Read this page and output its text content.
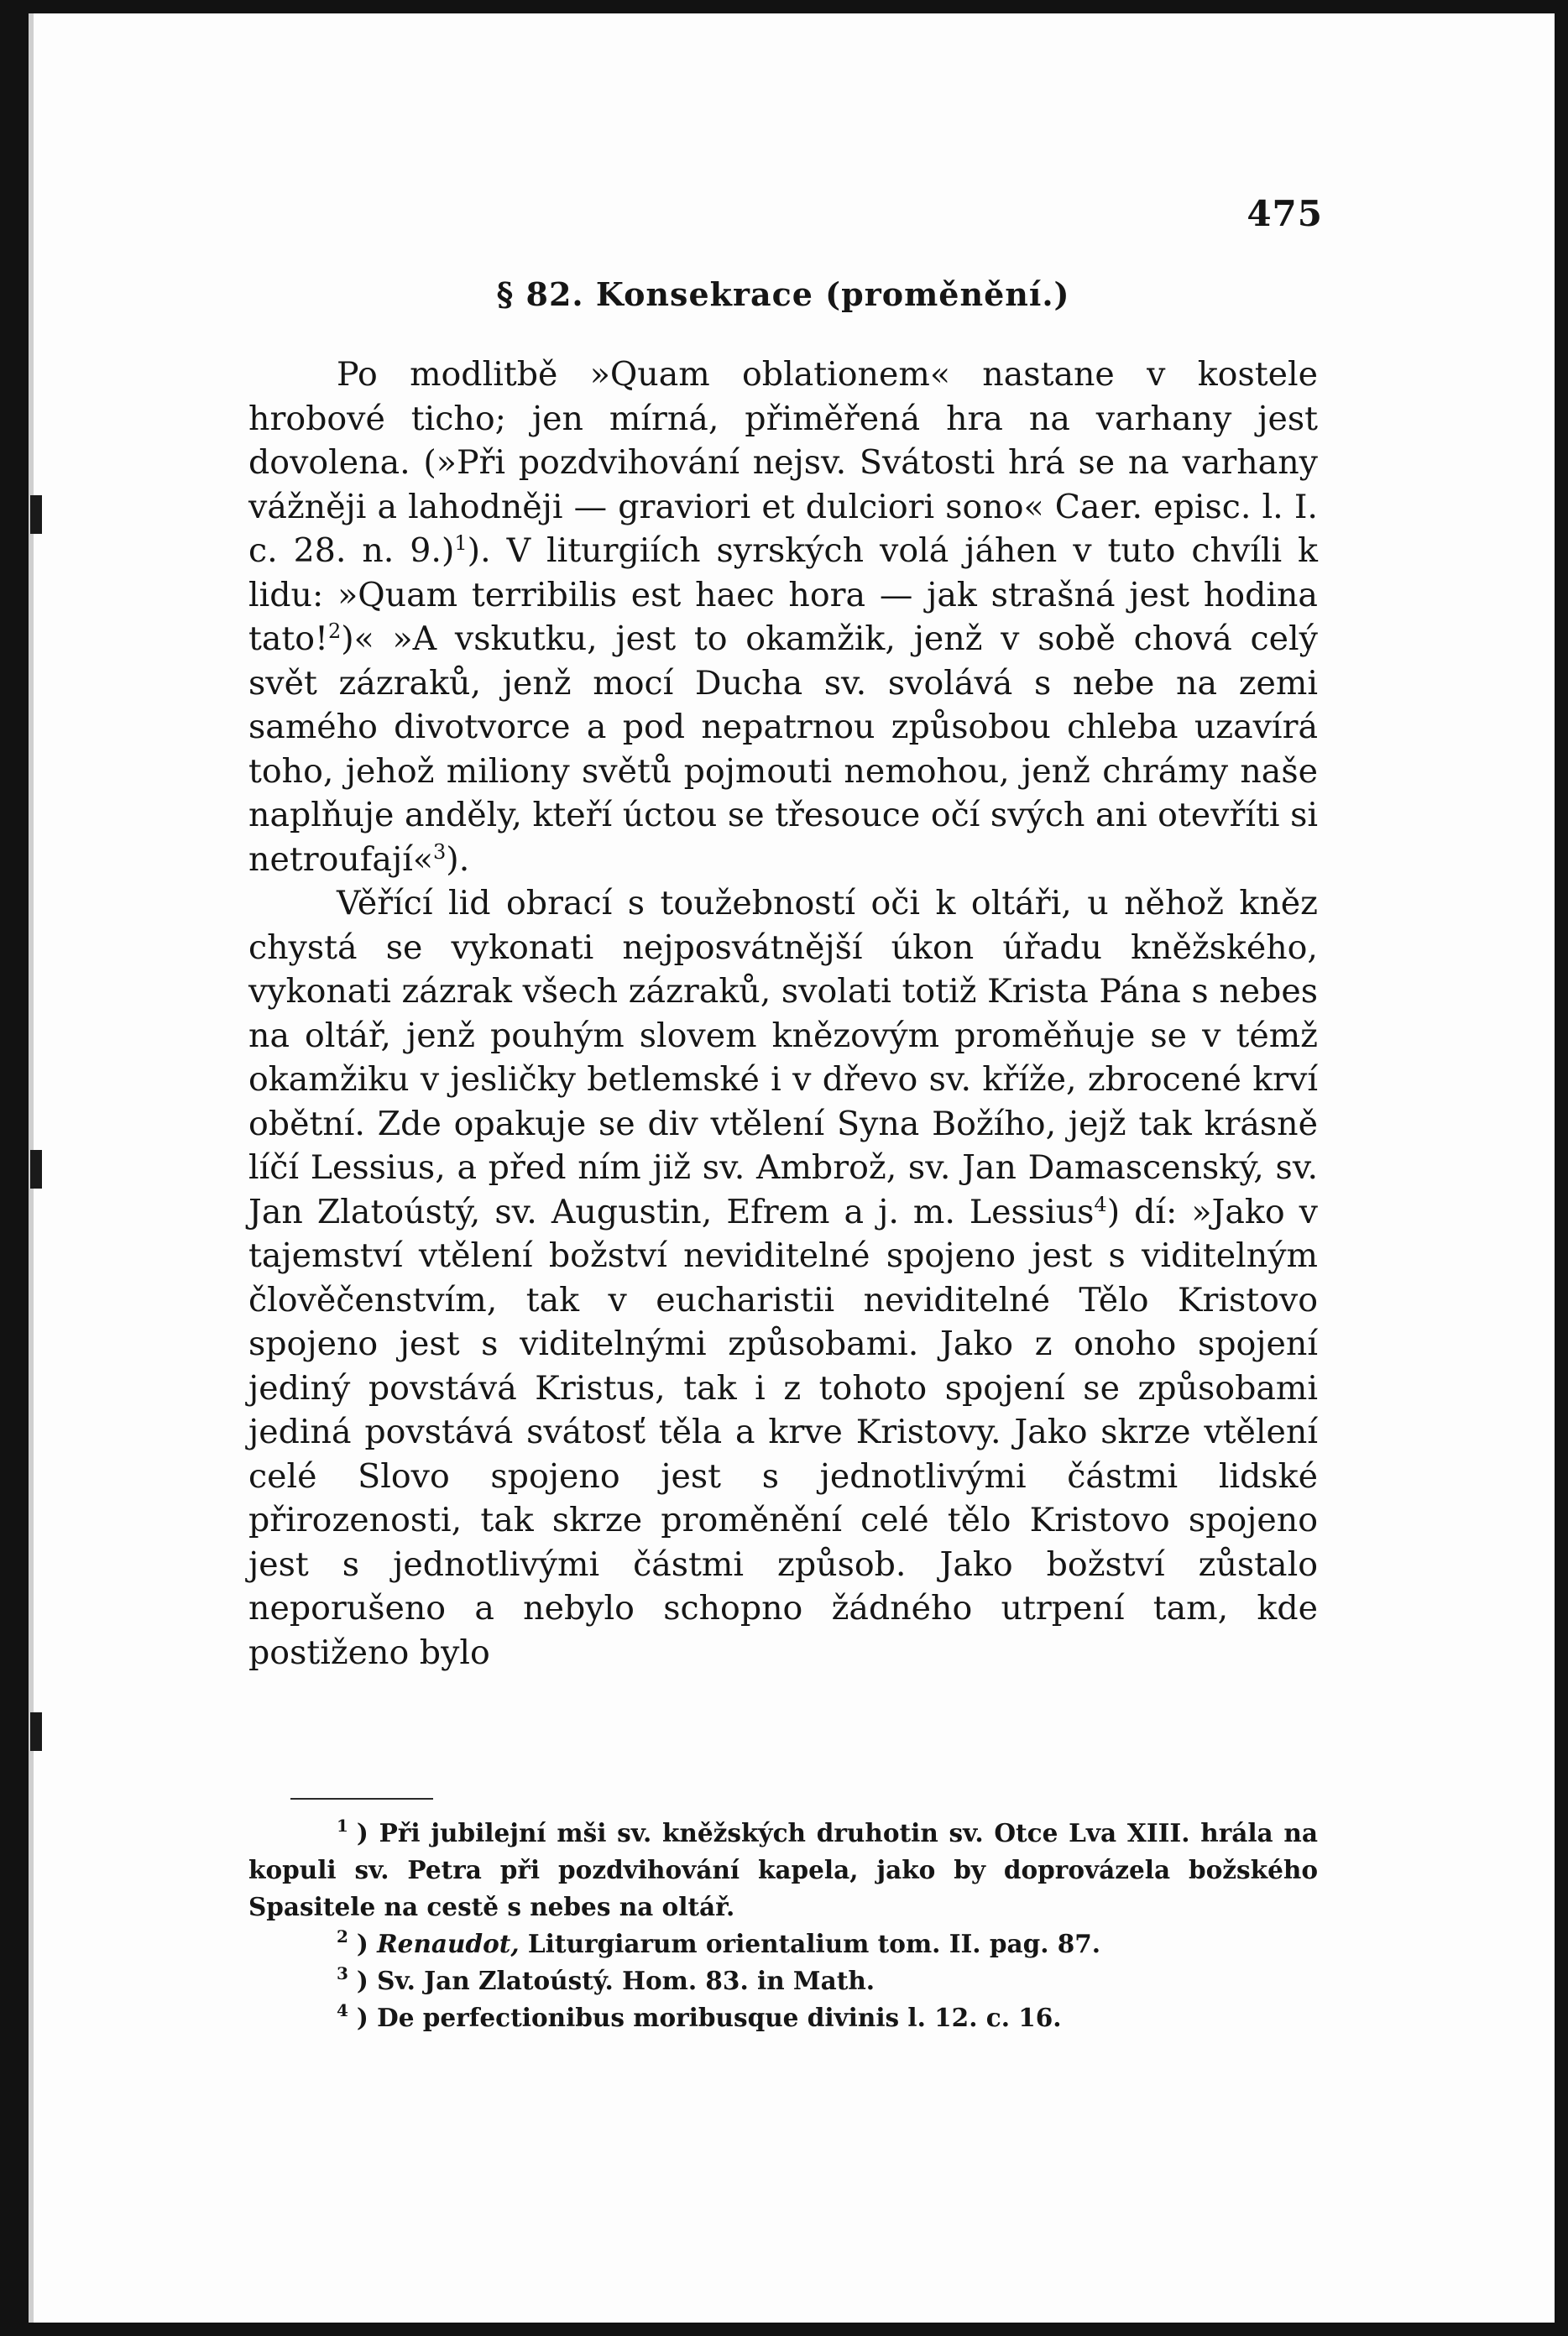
475
§ 82. Konsekrace (proměnění.)

Po modlitbě »Quam oblationem« nastane v kostele hrobové ticho; jen mírná, přiměřená hra na varhany jest dovolena. (»Při pozdvihování nejsv. Svátosti hrá se na varhany vážněji a lahodněji — graviori et dulciori sono« Caer. episc. l. I. c. 28. n. 9.)$^1$). V liturgiích syrských volá jáhen v tuto chvíli k lidu: »Quam terribilis est haec hora — jak strašná jest hodina tato!$^2$)« »A vskutku, jest to okamžik, jenž v sobě chová celý svět zázraků, jenž mocí Ducha sv. svolává s nebe na zemi samého divotvorce a pod nepatrnou způsobou chleba uzavírá toho, jehož miliony světů pojmouti nemohou, jenž chrámy naše naplňuje anděly, kteří úctou se třesouce očí svých ani otevříti si netroufají«$^3$).

Věřící lid obrací s toužebností oči k oltáři, u něhož kněz chystá se vykonati nejposvátnější úkon úřadu kněžského, vykonati zázrak všech zázraků, svolati totiž Krista Pána s nebes na oltář, jenž pouhým slovem knězovým proměňuje se v témž okamžiku v jesličky betlemské i v dřevo sv. kříže, zbrocené krví obětní. Zde opakuje se div vtělení Syna Božího, jejž tak krásně líčí Lessius, a před ním již sv. Ambrož, sv. Jan Damascenský, sv. Jan Zlatoústý, sv. Augustin, Efrem a j. m. Lessius$^4$) dí: »Jako v tajemství vtělení božství neviditelné spojeno jest s viditelným člověčenstvím, tak v eucharistii neviditelné Tělo Kristovo spojeno jest s viditelnými způsobami. Jako z onoho spojení jediný povstává Kristus, tak i z tohoto spojení se způsobami jediná povstává svátosť těla a krve Kristovy. Jako skrze vtělení celé Slovo spojeno jest s jednotlivými částmi lidské přirozenosti, tak skrze proměnění celé tělo Kristovo spojeno jest s jednotlivými částmi způsob. Jako božství zůstalo neporušeno a nebylo schopno žádného utrpení tam, kde postiženo bylo

$^1$ ) Při jubilejní mši sv. kněžských druhotin sv. Otce Lva XIII. hrála na kopuli sv. Petra při pozdvihování kapela, jako by doprovázela božského Spasitele na cestě s nebes na oltář.

$^2$ ) Renaudot, Liturgiarum orientalium tom. II. pag. 87.

$^3$ ) Sv. Jan Zlatoústý. Hom. 83. in Math.

$^4$ ) De perfectionibus moribusque divinis l. 12. c. 16.
